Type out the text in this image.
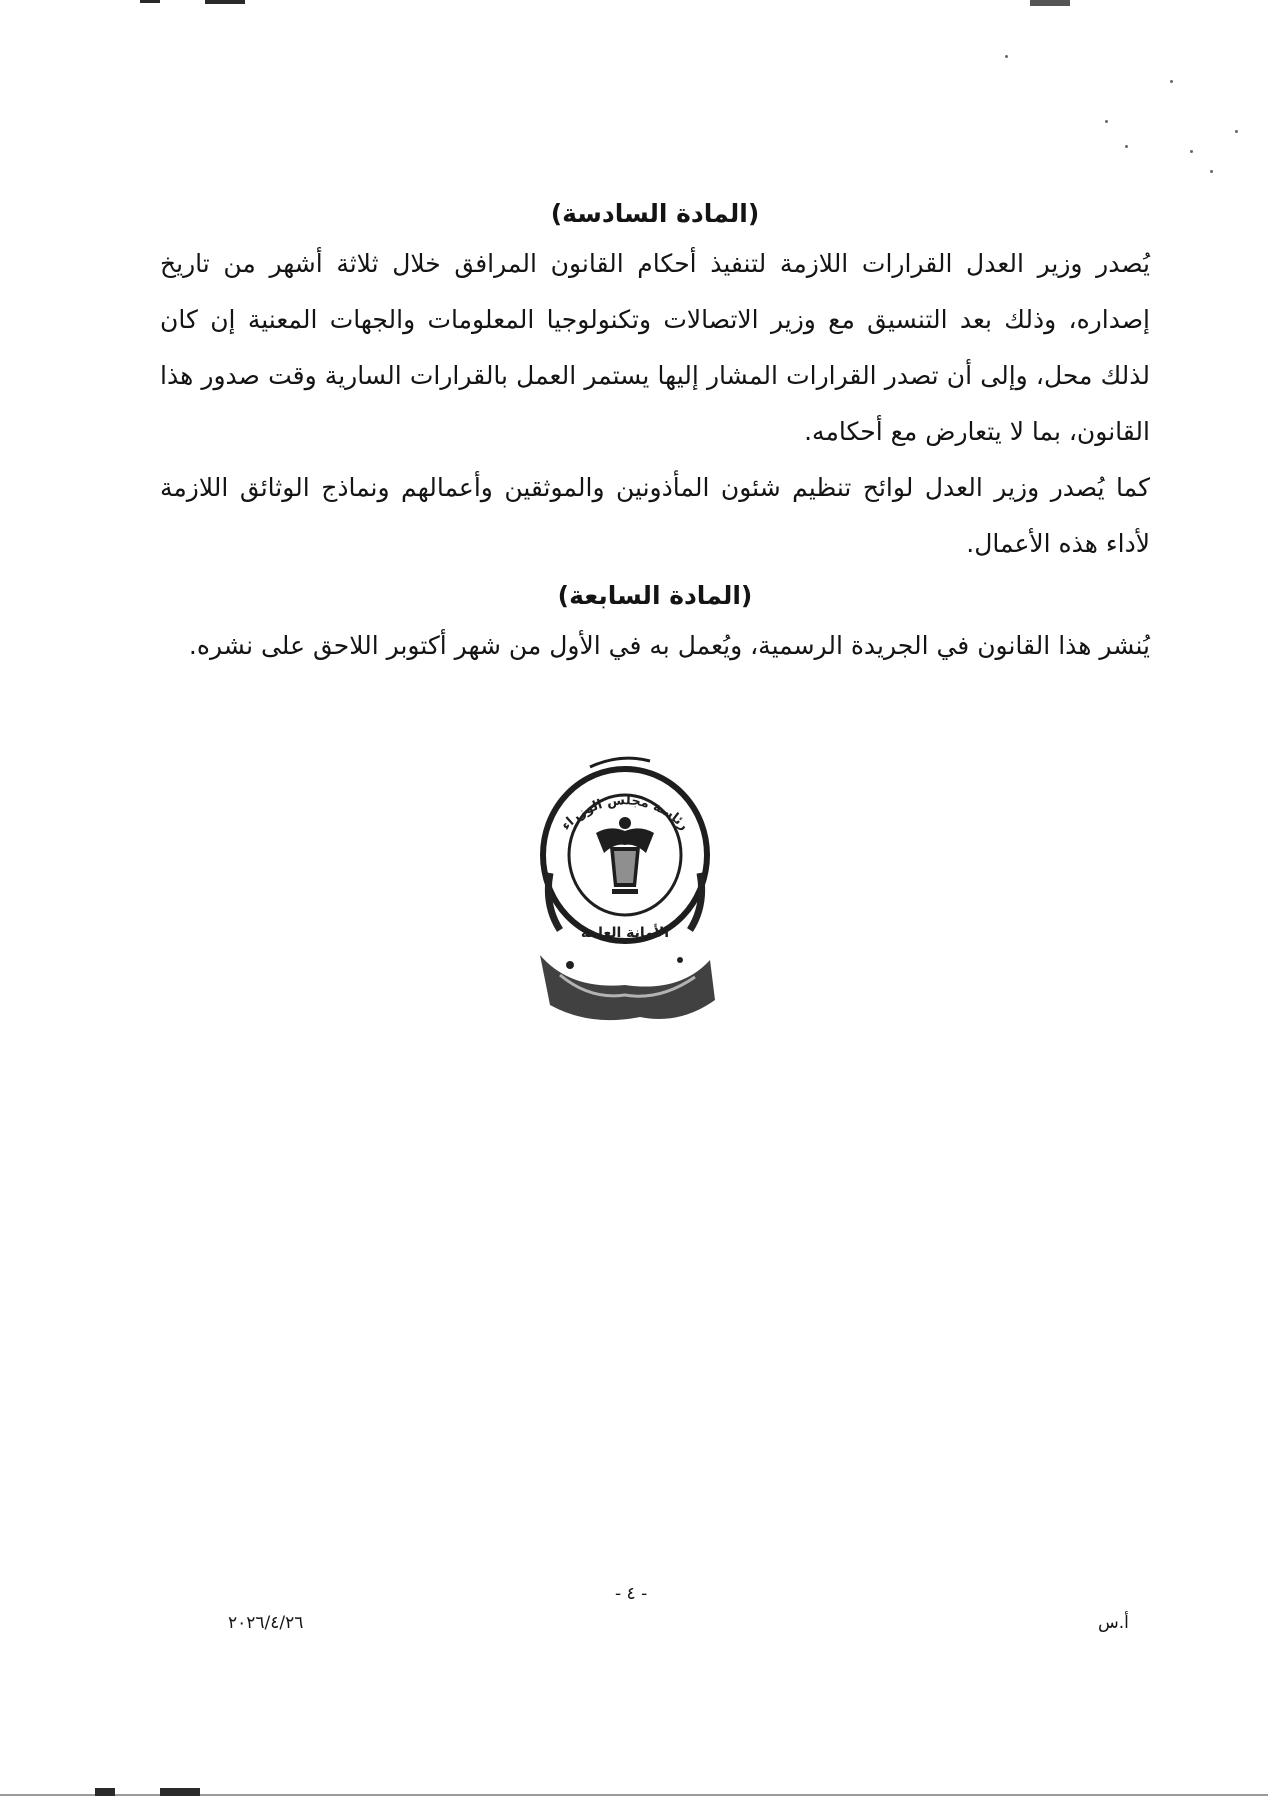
(المادة السادسة)

يُصدر وزير العدل القرارات اللازمة لتنفيذ أحكام القانون المرافق خلال ثلاثة أشهر من تاريخ إصداره، وذلك بعد التنسيق مع وزير الاتصالات وتكنولوجيا المعلومات والجهات المعنية إن كان لذلك محل، وإلى أن تصدر القرارات المشار إليها يستمر العمل بالقرارات السارية وقت صدور هذا القانون، بما لا يتعارض مع أحكامه.

كما يُصدر وزير العدل لوائح تنظيم شئون المأذونين والموثقين وأعمالهم ونماذج الوثائق اللازمة لأداء هذه الأعمال.

(المادة السابعة)

يُنشر هذا القانون في الجريدة الرسمية، ويُعمل به في الأول من شهر أكتوبر اللاحق على نشره.

رئاسة مجلس الوزراء
الأمانة العامة
- ٤ -
٢٠٢٦/٤/٢٦	أ.س
